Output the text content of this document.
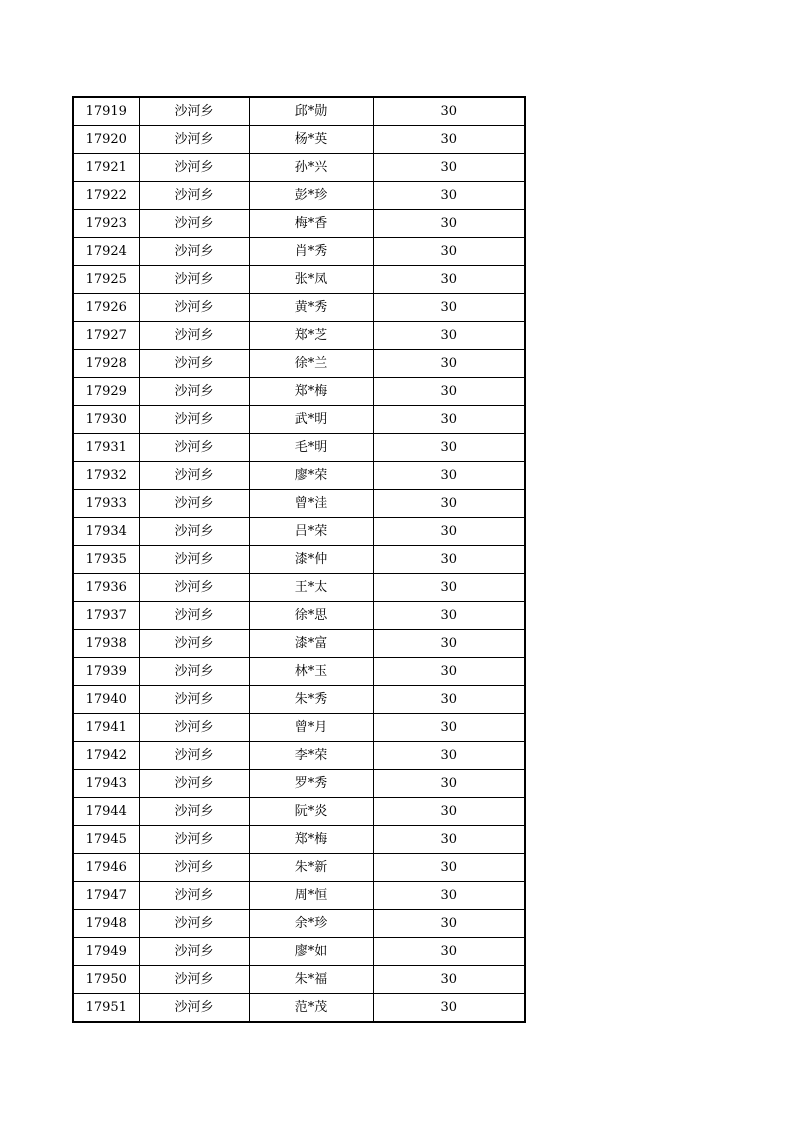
17919	沙河乡	邱*勋	30
17920	沙河乡	杨*英	30
17921	沙河乡	孙*兴	30
17922	沙河乡	彭*珍	30
17923	沙河乡	梅*香	30
17924	沙河乡	肖*秀	30
17925	沙河乡	张*凤	30
17926	沙河乡	黄*秀	30
17927	沙河乡	郑*芝	30
17928	沙河乡	徐*兰	30
17929	沙河乡	郑*梅	30
17930	沙河乡	武*明	30
17931	沙河乡	毛*明	30
17932	沙河乡	廖*荣	30
17933	沙河乡	曾*洼	30
17934	沙河乡	吕*荣	30
17935	沙河乡	漆*仲	30
17936	沙河乡	王*太	30
17937	沙河乡	徐*思	30
17938	沙河乡	漆*富	30
17939	沙河乡	林*玉	30
17940	沙河乡	朱*秀	30
17941	沙河乡	曾*月	30
17942	沙河乡	李*荣	30
17943	沙河乡	罗*秀	30
17944	沙河乡	阮*炎	30
17945	沙河乡	郑*梅	30
17946	沙河乡	朱*新	30
17947	沙河乡	周*恒	30
17948	沙河乡	余*珍	30
17949	沙河乡	廖*如	30
17950	沙河乡	朱*福	30
17951	沙河乡	范*茂	30
